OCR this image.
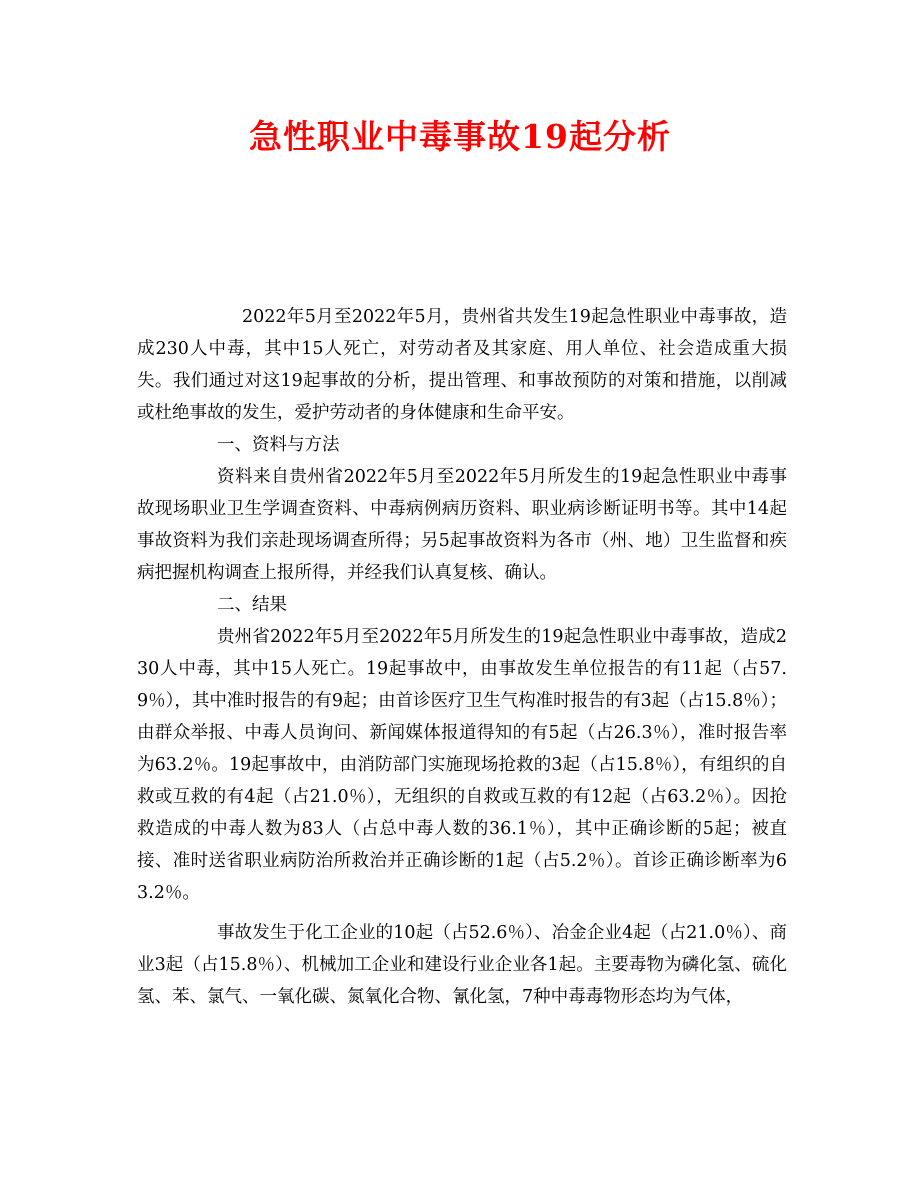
急性职业中毒事故19起分析

2022年5月至2022年5月，贵州省共发生19起急性职业中毒事故，造成230人中毒，其中15人死亡，对劳动者及其家庭、用人单位、社会造成重大损失。我们通过对这19起事故的分析，提出管理、和事故预防的对策和措施，以削减或杜绝事故的发生，爱护劳动者的身体健康和生命平安。

一、资料与方法

资料来自贵州省2022年5月至2022年5月所发生的19起急性职业中毒事故现场职业卫生学调查资料、中毒病例病历资料、职业病诊断证明书等。其中14起事故资料为我们亲赴现场调查所得；另5起事故资料为各市（州、地）卫生监督和疾病把握机构调查上报所得，并经我们认真复核、确认。

二、结果

贵州省2022年5月至2022年5月所发生的19起急性职业中毒事故，造成230人中毒，其中15人死亡。19起事故中，由事故发生单位报告的有11起（占57.9％），其中准时报告的有9起；由首诊医疗卫生气构准时报告的有3起（占15.8％）；由群众举报、中毒人员询问、新闻媒体报道得知的有5起（占26.3％），准时报告率为63.2％。19起事故中，由消防部门实施现场抢救的3起（占15.8％），有组织的自救或互救的有4起（占21.0％），无组织的自救或互救的有12起（占63.2％）。因抢救造成的中毒人数为83人（占总中毒人数的36.1％），其中正确诊断的5起；被直接、准时送省职业病防治所救治并正确诊断的1起（占5.2％）。首诊正确诊断率为63.2％。

事故发生于化工企业的10起（占52.6％）、冶金企业4起（占21.0％）、商业3起（占15.8％）、机械加工企业和建设行业企业各1起。主要毒物为磷化氢、硫化氢、苯、氯气、一氧化碳、氮氧化合物、氰化氢，7种中毒毒物形态均为气体，
